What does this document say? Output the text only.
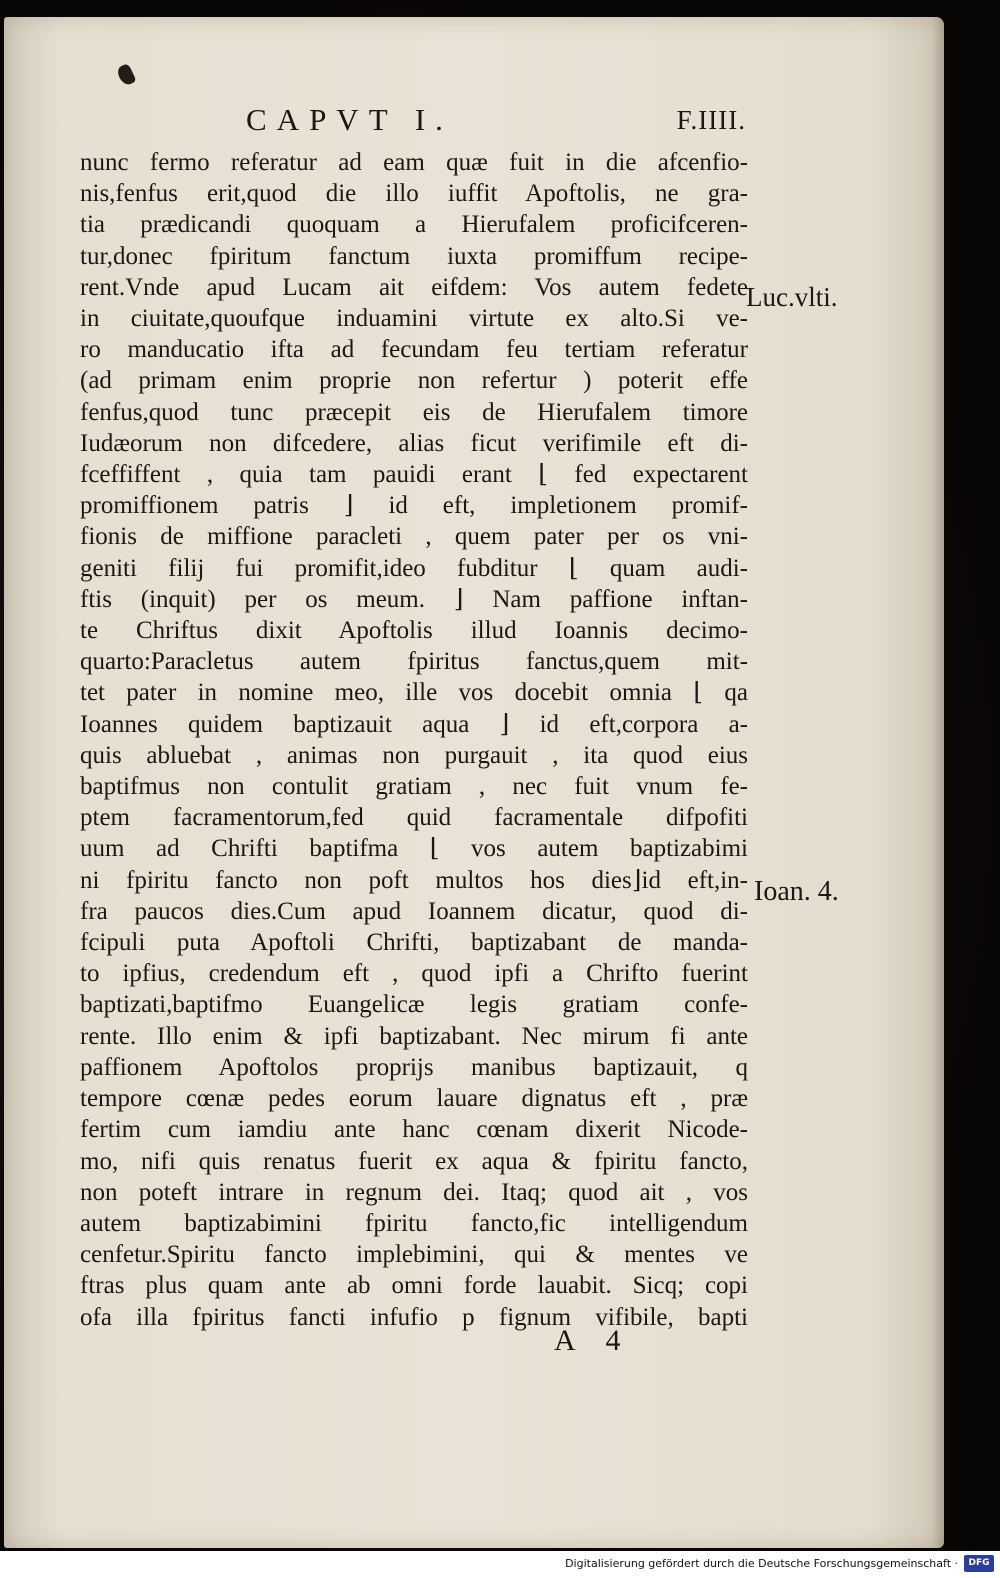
CAPVT I.	F.IIII.
nunc fermo referatur ad eam quæ fuit in die afcenfio-
nis,fenfus erit,quod die illo iuffit Apoftolis, ne gra-
tia prædicandi quoquam a Hierufalem proficifceren-
tur,donec fpiritum fanctum iuxta promiffum recipe-
rent.Vnde apud Lucam ait eifdem: Vos autem fedete
in ciuitate,quoufque induamini virtute ex alto.Si ve-
ro manducatio ifta ad fecundam feu tertiam referatur
(ad primam enim proprie non refertur ) poterit effe
fenfus,quod tunc præcepit eis de Hierufalem timore
Iudæorum non difcedere, alias ficut verifimile eft di-
fceffiffent , quia tam pauidi erant ⌊ fed expectarent
promiffionem patris ⌋ id eft, impletionem promif-
fionis de miffione paracleti , quem pater per os vni-
geniti filij fui promifit,ideo fubditur ⌊ quam audi-
ftis (inquit) per os meum. ⌋ Nam paffione inftan-
te Chriftus dixit Apoftolis illud Ioannis decimo-
quarto:Paracletus autem fpiritus fanctus,quem mit-
tet pater in nomine meo, ille vos docebit omnia ⌊ qa
Ioannes quidem baptizauit aqua ⌋ id eft,corpora a-
quis abluebat , animas non purgauit , ita quod eius
baptifmus non contulit gratiam , nec fuit vnum fe-
ptem facramentorum,fed quid facramentale difpofiti
uum ad Chrifti baptifma ⌊ vos autem baptizabimi
ni fpiritu fancto non poft multos hos dies⌋id eft,in-
fra paucos dies.Cum apud Ioannem dicatur, quod di-
fcipuli puta Apoftoli Chrifti, baptizabant de manda-
to ipfius, credendum eft , quod ipfi a Chrifto fuerint
baptizati,baptifmo Euangelicæ legis gratiam confe-
rente. Illo enim & ipfi baptizabant. Nec mirum fi ante
paffionem Apoftolos proprijs manibus baptizauit, q
tempore cœnæ pedes eorum lauare dignatus eft , præ
fertim cum iamdiu ante hanc cœnam dixerit Nicode-
mo, nifi quis renatus fuerit ex aqua & fpiritu fancto,
non poteft intrare in regnum dei. Itaq; quod ait , vos
autem baptizabimini fpiritu fancto,fic intelligendum
cenfetur.Spiritu fancto implebimini, qui & mentes ve
ftras plus quam ante ab omni forde lauabit. Sicq; copi
ofa illa fpiritus fancti infufio p fignum vifibile, bapti
Luc.vlti.
Ioan. 4.
A 4
Digitalisierung gefördert durch die Deutsche Forschungsgemeinschaft ·	DFG
